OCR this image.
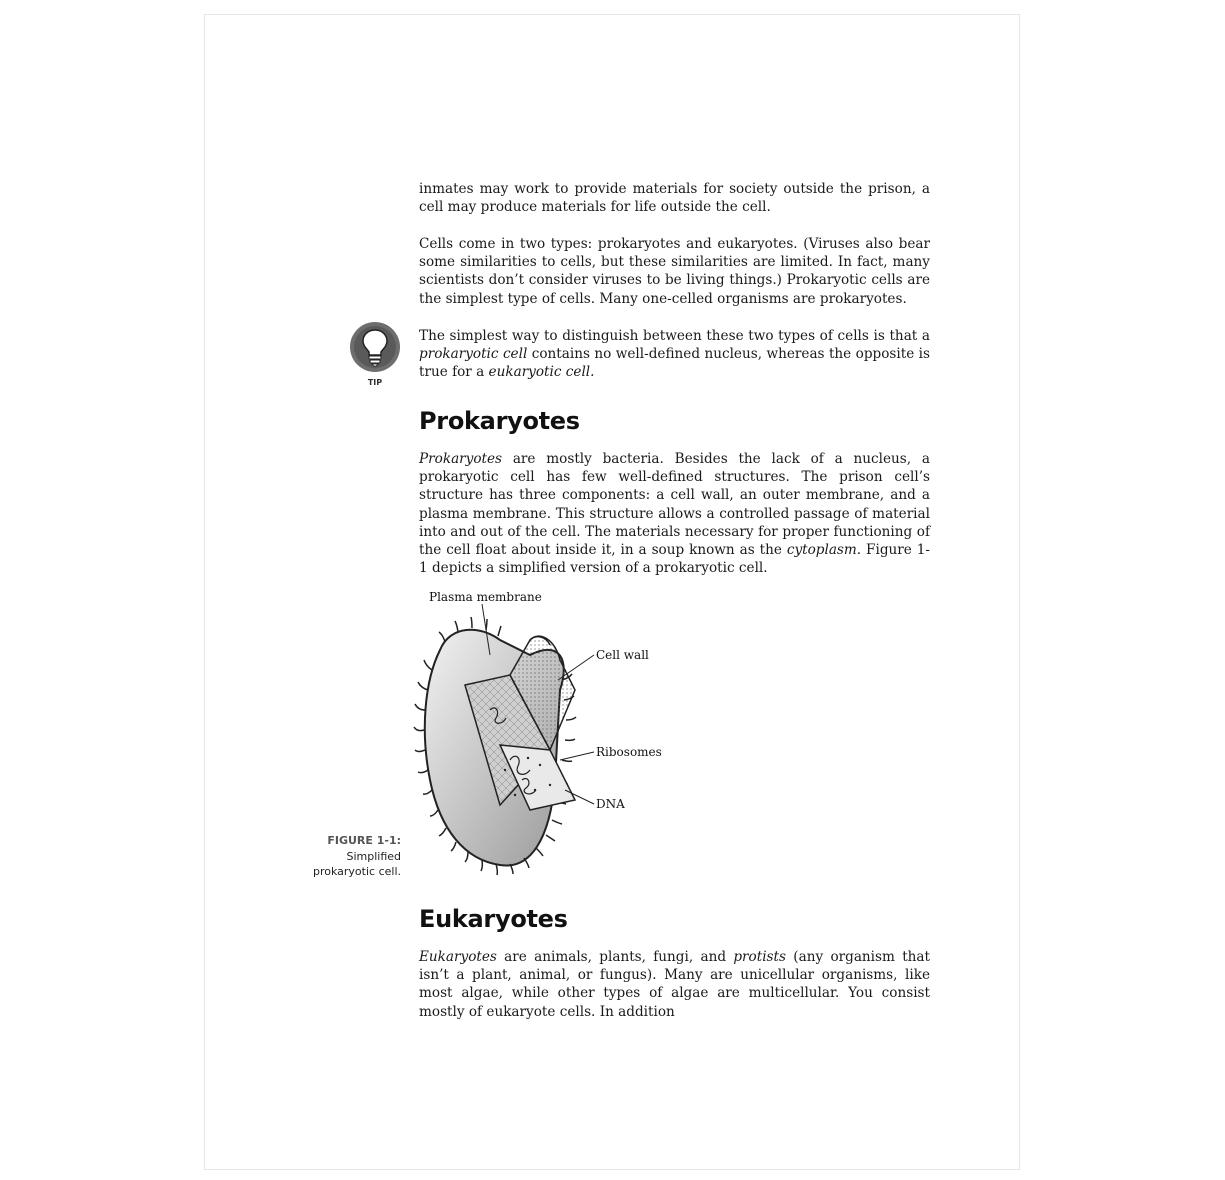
inmates may work to provide materials for society outside the prison, a cell may produce materials for life outside the cell.

Cells come in two types: prokaryotes and eukaryotes. (Viruses also bear some similarities to cells, but these similarities are limited. In fact, many scientists don’t consider viruses to be living things.) Prokaryotic cells are the simplest type of cells. Many one-celled organisms are prokaryotes.

TIP

The simplest way to distinguish between these two types of cells is that a prokaryotic cell contains no well-defined nucleus, whereas the opposite is true for a eukaryotic cell.

Prokaryotes

Prokaryotes are mostly bacteria. Besides the lack of a nucleus, a prokaryotic cell has few well-defined structures. The prison cell’s structure has three components: a cell wall, an outer membrane, and a plasma membrane. This structure allows a controlled passage of material into and out of the cell. The materials necessary for proper functioning of the cell float about inside it, in a soup known as the cytoplasm. Figure 1-1 depicts a simplified version of a prokaryotic cell.

Plasma membrane
Cell wall
Ribosomes
DNA
FIGURE 1-1:
Simplified prokaryotic cell.
Eukaryotes

Eukaryotes are animals, plants, fungi, and protists (any organism that isn’t a plant, animal, or fungus). Many are unicellular organisms, like most algae, while other types of algae are multicellular. You consist mostly of eukaryote cells. In addition
